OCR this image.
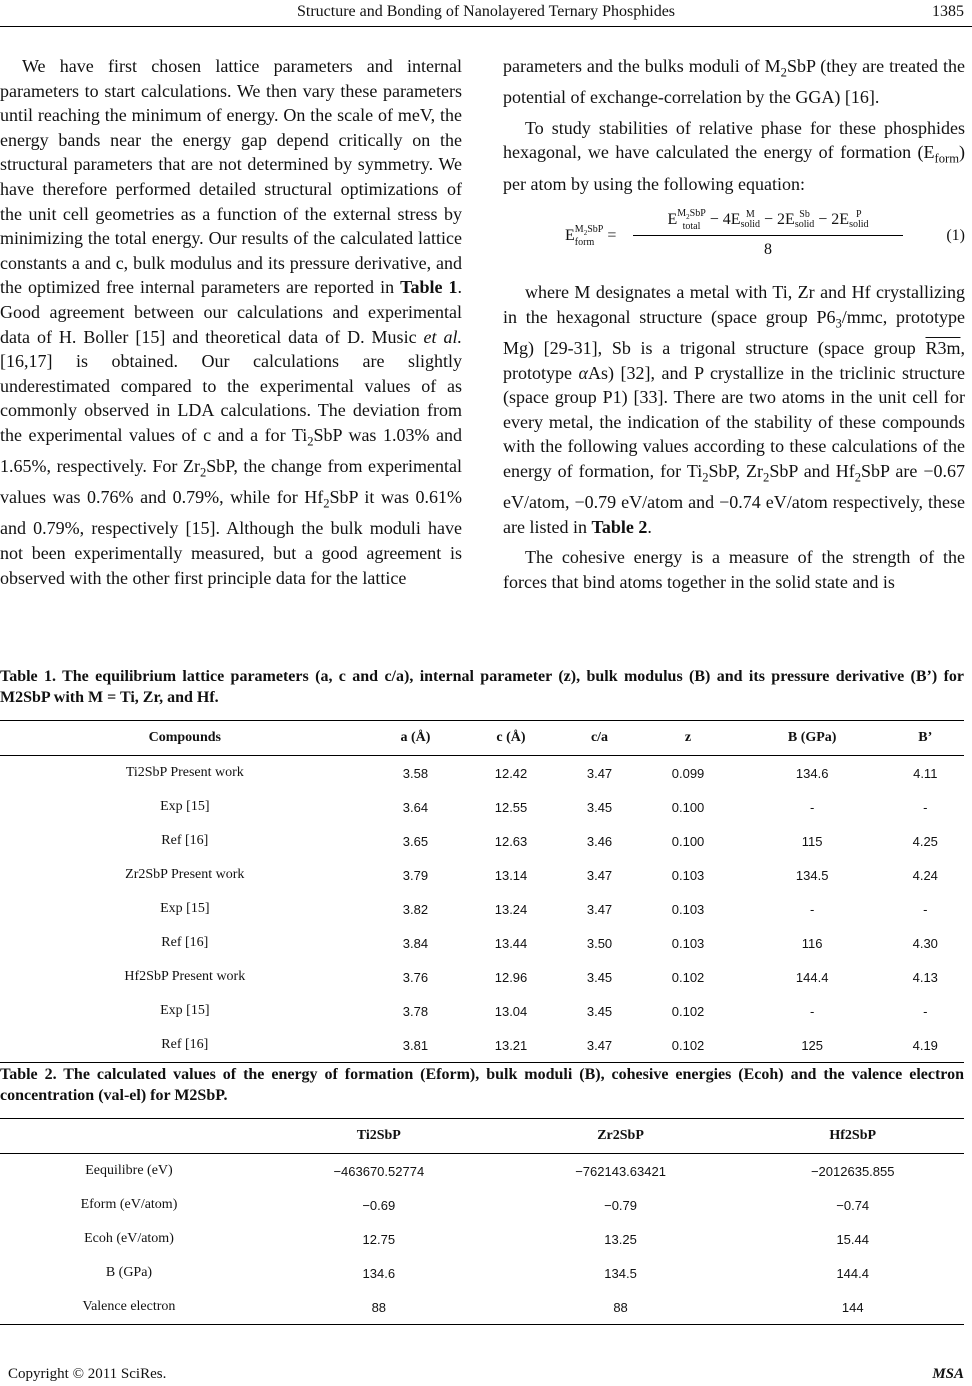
Structure and Bonding of Nanolayered Ternary Phosphides	1385

We have first chosen lattice parameters and internal parameters to start calculations. We then vary these parameters until reaching the minimum of energy. On the scale of meV, the energy bands near the energy gap depend critically on the structural parameters that are not determined by symmetry. We have therefore performed detailed structural optimizations of the unit cell geometries as a function of the external stress by minimizing the total energy. Our results of the calculated lattice constants a and c, bulk modulus and its pressure derivative, and the optimized free internal parameters are reported in Table 1. Good agreement between our calculations and experimental data of H. Boller [15] and theoretical data of D. Music et al. [16,17] is obtained. Our calculations are slightly underestimated compared to the experimental values of as commonly observed in LDA calculations. The deviation from the experimental values of c and a for $Ti_2SbP$ was 1.03% and 1.65%, respectively. For $Zr_2SbP$, the change from experimental values was 0.76% and 0.79%, while for $Hf_2SbP$ it was 0.61% and 0.79%, respectively [15]. Although the bulk moduli have not been experimentally measured, but a good agreement is observed with the other first principle data for the lattice

parameters and the bulks moduli of $M_2SbP$ (they are treated the potential of exchange-correlation by the GGA) [16].

To study stabilities of relative phase for these phosphides hexagonal, we have calculated the energy of formation $(E_{form})$ per atom by using the following equation:

E $M_2SbP$
form =
E $M_2SbP$
total − 4E M
solid − 2E Sb
solid − 2E P
solid
8
(1)

where M designates a metal with Ti, Zr and Hf crystallizing in the hexagonal structure (space group $P6_3$/mmc, prototype Mg) [29-31], Sb is a trigonal structure (space group R3m, prototype αAs) [32], and P crystallize in the triclinic structure (space group P1) [33]. There are two atoms in the unit cell for every metal, the indication of the stability of these compounds with the following values according to these calculations of the energy of formation, for $Ti_2SbP$, $Zr_2SbP$ and $Hf_2SbP$ are −0.67 eV/atom, −0.79 eV/atom and −0.74 eV/atom respectively, these are listed in Table 2.

The cohesive energy is a measure of the strength of the forces that bind atoms together in the solid state and is

Table 1. The equilibrium lattice parameters (a, c and c/a), internal parameter (z), bulk modulus (B) and its pressure derivative (B’) for M2SbP with M = Ti, Zr, and Hf.
Compounds	a (Å)	c (Å)	c/a	z	B (GPa)	B’
Ti2SbP Present work	3.58	12.42	3.47	0.099	134.6	4.11
Exp [15]	3.64	12.55	3.45	0.100	-	-
Ref [16]	3.65	12.63	3.46	0.100	115	4.25
Zr2SbP Present work	3.79	13.14	3.47	0.103	134.5	4.24
Exp [15]	3.82	13.24	3.47	0.103	-	-
Ref [16]	3.84	13.44	3.50	0.103	116	4.30
Hf2SbP Present work	3.76	12.96	3.45	0.102	144.4	4.13
Exp [15]	3.78	13.04	3.45	0.102	-	-
Ref [16]	3.81	13.21	3.47	0.102	125	4.19
Table 2. The calculated values of the energy of formation (Eform), bulk moduli (B), cohesive energies (Ecoh) and the valence electron concentration (val-el) for M2SbP.
	Ti2SbP	Zr2SbP	Hf2SbP
Eequilibre (eV)	−463670.52774	−762143.63421	−2012635.855
Eform (eV/atom)	−0.69	−0.79	−0.74
Ecoh (eV/atom)	12.75	13.25	15.44
B (GPa)	134.6	134.5	144.4
Valence electron	88	88	144
Copyright © 2011 SciRes.	MSA
